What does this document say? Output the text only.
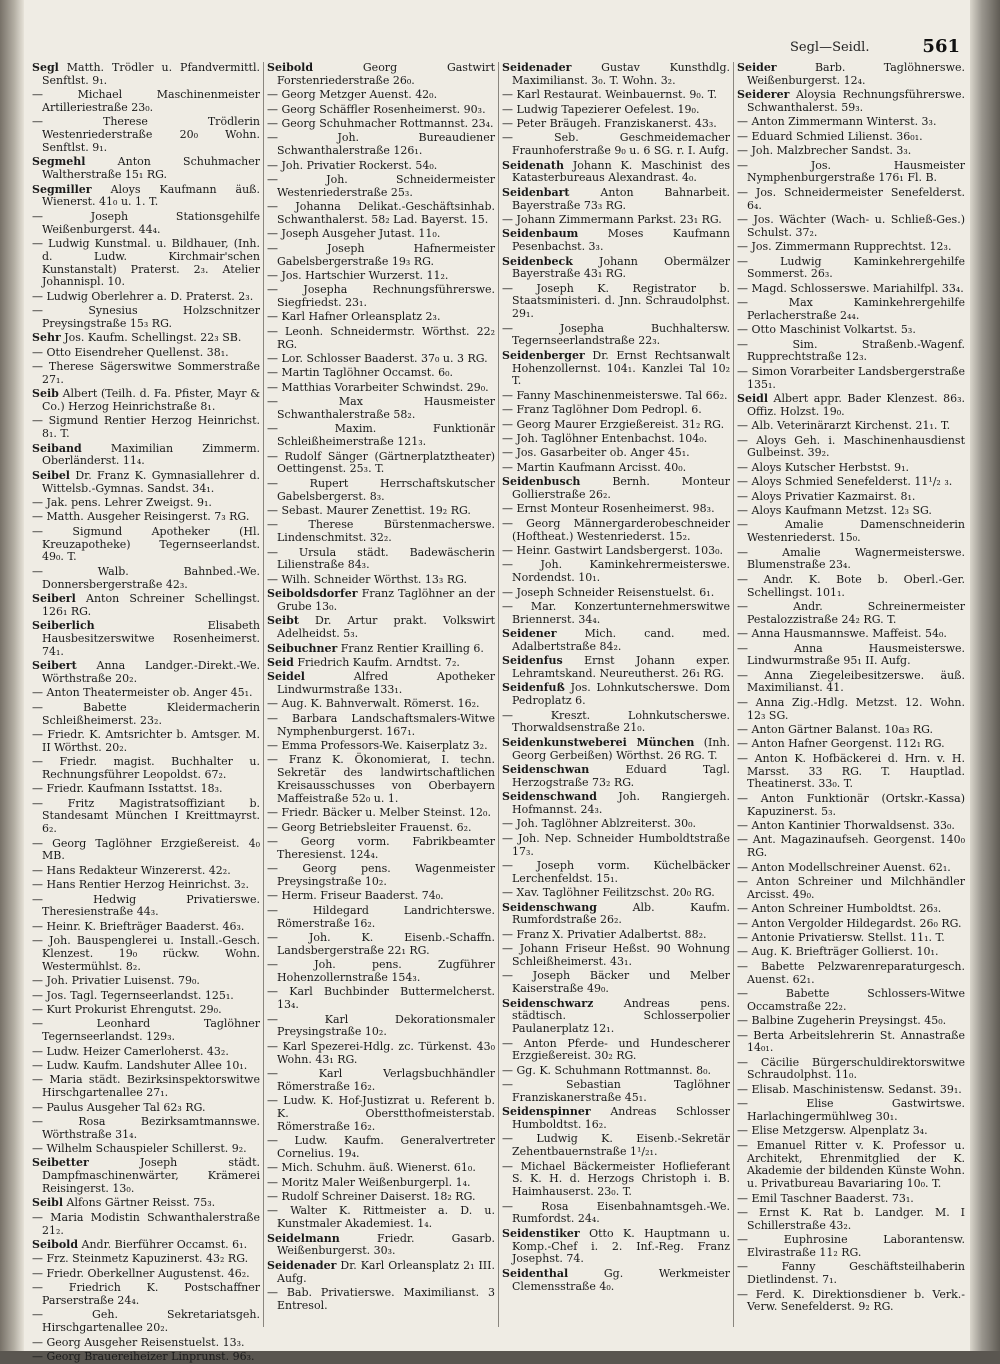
Segl—Seidl.	561

Segl Matth. Trödler u. Pfandvermittl. Senftlst. 9₁.

— Michael Maschinenmeister Artilleriestraße 23₀.

— Therese Trödlerin Westenriederstraße 20₀ Wohn. Senftlst. 9₁.

Segmehl	Anton Schuhmacher Waltherstraße 15₁ RG.

Segmiller Aloys Kaufmann äuß. Wienerst. 41₀ u. 1. T.

— Joseph Stationsgehilfe Weißenburgerst. 44₄.

— Ludwig Kunstmal. u. Bildhauer, (Inh. d. Ludw. Kirchmair'schen Kunstanstalt) Praterst. 2₃. Atelier Johannispl. 10.

— Ludwig Oberlehrer a. D. Praterst. 2₃.

— Synesius Holzschnitzer Preysingstraße 15₃ RG.

Sehr Jos. Kaufm. Schellingst. 22₃ SB.

— Otto Eisendreher Quellenst. 38₁.

— Therese Sägerswitwe Sommerstraße 27₁.

Seib Albert (Teilh. d. Fa. Pfister, Mayr & Co.) Herzog Heinrichstraße 8₁.

— Sigmund Rentier Herzog Heinrichst. 8₁. T.

Seiband	Maximilian Zimmerm. Oberländerst. 11₄.

Seibel Dr. Franz K. Gymnasiallehrer d. Wittelsb.-Gymnas. Sandst. 34₁.

— Jak. pens. Lehrer Zweigst. 9₁.

— Matth. Ausgeher Reisingerst. 7₃ RG.

— Sigmund Apotheker (Hl. Kreuzapotheke) Tegernseerlandst. 49₀. T.

— Walb. Bahnbed.-We. Donnersbergerstraße 42₃.

Seiberl Anton Schreiner Schellingst. 126₁ RG.

Seiberlich	Elisabeth Hausbesitzerswitwe Rosenheimerst. 74₁.

Seibert Anna Landger.-Direkt.-We. Wörthstraße 20₂.

— Anton Theatermeister ob. Anger 45₁.

— Babette Kleidermacherin Schleißheimerst. 23₂.

— Friedr. K. Amtsrichter b. Amtsger. M. II Wörthst. 20₂.

— Friedr. magist. Buchhalter u. Rechnungsführer Leopoldst. 67₂.

— Friedr. Kaufmann Isstattst. 18₃.

— Fritz Magistratsoffiziant b. Standesamt München I Kreittmayrst. 6₂.

— Georg Taglöhner Erzgießereist. 4₀ MB.

— Hans Redakteur Winzererst. 42₂.

— Hans Rentier Herzog Heinrichst. 3₂.

— Hedwig Privatierswe. Theresienstraße 44₃.

— Heinr. K. Briefträger Baaderst. 46₃.

— Joh. Bauspenglerei u. Install.-Gesch. Klenzest. 19₀ rückw. Wohn. Westermühlst. 8₂.

— Joh. Privatier Luisenst. 79₀.

— Jos. Tagl. Tegernseerlandst. 125₁.

— Kurt Prokurist Ehrengutst. 29₀.

— Leonhard Taglöhner Tegernseerlandst. 129₃.

— Ludw. Heizer Camerloherst. 43₂.

— Ludw. Kaufm. Landshuter Allee 10₁.

— Maria städt. Bezirksinspektorswitwe Hirschgartenallee 27₁.

— Paulus Ausgeher Tal 62₃ RG.

— Rosa Bezirksamtmannswe. Wörthstraße 31₄.

— Wilhelm Schauspieler Schillerst. 9₂.

Seibetter	Joseph städt. Dampfmaschinenwärter, Krämerei Reisingerst. 13₀.

Seibl Alfons Gärtner Reisst. 75₃.

— Maria Modistin Schwanthalerstraße 21₂.

Seibold Andr. Bierführer Occamst. 6₁.

— Frz. Steinmetz Kapuzinerst. 43₂ RG.

— Friedr. Oberkellner Augustenst. 46₂.

— Friedrich K. Postschaffner Parserstraße 24₄.

— Geh. Sekretariatsgeh. Hirschgartenallee 20₂.

— Georg Ausgeher Reisenstuelst. 13₃.

— Georg Brauereiheizer Linprunst. 96₃.

Seibold	Georg Gastwirt Forstenriederstraße 26₀.

— Georg Metzger Auenst. 42₀.

— Georg Schäffler Rosenheimerst. 90₃.

— Georg Schuhmacher Rottmannst. 23₄.

— Joh. Bureaudiener Schwanthalerstraße 126₁.

— Joh. Privatier Rockerst. 54₀.

— Joh. Schneidermeister Westenriederstraße 25₃.

— Johanna Delikat.-Geschäftsinhab. Schwanthalerst. 58₂ Lad. Bayerst. 15.

— Joseph Ausgeher Jutast. 11₀.

— Joseph Hafnermeister Gabelsbergerstraße 19₃ RG.

— Jos. Hartschier Wurzerst. 11₂.

— Josepha Rechnungsführerswe. Siegfriedst. 23₁.

— Karl Hafner Orleansplatz 2₃.

— Leonh. Schneidermstr. Wörthst. 22₂ RG.

— Lor. Schlosser Baaderst. 37₀ u. 3 RG.

— Martin Taglöhner Occamst. 6₀.

— Matthias Vorarbeiter Schwindst. 29₀.

— Max Hausmeister Schwanthalerstraße 58₂.

— Maxim. Funktionär Schleißheimerstraße 121₃.

— Rudolf Sänger (Gärtnerplatztheater) Oettingenst. 25₃. T.

— Rupert Herrschaftskutscher Gabelsbergerst. 8₃.

— Sebast. Maurer Zenettist. 19₂ RG.

— Therese Bürstenmacherswe. Lindenschmitst. 32₂.

— Ursula städt. Badewäscherin Lilienstraße 84₃.

— Wilh. Schneider Wörthst. 13₃ RG.

Seiboldsdorfer Franz Taglöhner an der Grube 13₀.

Seibt Dr. Artur prakt. Volkswirt Adelheidst. 5₃.

Seibuchner Franz Rentier Krailling 6.

Seid Friedrich Kaufm. Arndtst. 7₂.

Seidel	Alfred Apotheker Lindwurmstraße 133₁.

— Aug. K. Bahnverwalt. Römerst. 16₂.

— Barbara Landschaftsmalers-Witwe Nymphenburgerst. 167₁.

— Emma Professors-We. Kaiserplatz 3₂.

— Franz K. Ökonomierat, I. techn. Sekretär des landwirtschaftlichen Kreisausschusses von Oberbayern Maffeistraße 52₀ u. 1.

— Friedr. Bäcker u. Melber Steinst. 12₀.

— Georg Betriebsleiter Frauenst. 6₂.

— Georg vorm. Fabrikbeamter Theresienst. 124₄.

— Georg pens. Wagenmeister Preysingstraße 10₂.

— Herm. Friseur Baaderst. 74₀.

— Hildegard Landrichterswe. Römerstraße 16₂.

— Joh. K. Eisenb.-Schaffn. Landsbergerstraße 22₁ RG.

— Joh. pens. Zugführer Hohenzollernstraße 154₃.

— Karl Buchbinder Buttermelcherst. 13₄.

— Karl Dekorationsmaler Preysingstraße 10₂.

— Karl Spezerei-Hdlg. zc. Türkenst. 43₀ Wohn. 43₁ RG.

— Karl Verlagsbuchhändler Römerstraße 16₂.

— Ludw. K. Hof-Justizrat u. Referent b. K. Oberstthofmeisterstab. Römerstraße 16₂.

— Ludw. Kaufm. Generalvertreter Cornelius. 19₄.

— Mich. Schuhm. äuß. Wienerst. 61₀.

— Moritz Maler Weißenburgerpl. 1₄.

— Rudolf Schreiner Daiserst. 18₂ RG.

— Walter K. Rittmeister a. D. u. Kunstmaler Akademiest. 1₄.

Seidelmann	Friedr. Gasarb. Weißenburgerst. 30₃.

Seidenader Dr. Karl Orleansplatz 2₁ III. Aufg.

— Bab. Privatierswe. Maximilianst. 3 Entresol.

Seidenader	Gustav Kunsthdlg. Maximilianst. 3₀. T. Wohn. 3₂.

— Karl Restaurat. Weinbauernst. 9₀. T.

— Ludwig Tapezierer Oefelest. 19₀.

— Peter Bräugeh. Franziskanerst. 43₃.

— Seb. Geschmeidemacher Fraunhoferstraße 9₀ u. 6 SG. r. I. Aufg.

Seidenath Johann K. Maschinist des Katasterbureaus Alexandrast. 4₀.

Seidenbart	Anton Bahnarbeit. Bayerstraße 73₃ RG.

— Johann Zimmermann Parkst. 23₁ RG.

Seidenbaum	Moses Kaufmann Pesenbachst. 3₃.

Seidenbeck Johann Obermälzer Bayerstraße 43₁ RG.

— Joseph K. Registrator b. Staatsministeri. d. Jnn. Schraudolphst. 29₁.

— Josepha Buchhaltersw. Tegernseerlandstraße 22₃.

Seidenberger Dr. Ernst Rechtsanwalt Hohenzollernst. 104₁. Kanzlei Tal 10₂ T.

— Fanny Maschinenmeisterswe. Tal 66₂.

— Franz Taglöhner Dom Pedropl. 6.

— Georg Maurer Erzgießereist. 31₂ RG.

— Joh. Taglöhner Entenbachst. 104₀.

— Jos. Gasarbeiter ob. Anger 45₁.

— Martin Kaufmann Arcisst. 40₀.

Seidenbusch	Bernh. Monteur Gollierstraße 26₂.

— Ernst Monteur Rosenheimerst. 98₃.

— Georg Männergarderobeschneider (Hoftheat.) Westenriederst. 15₂.

— Heinr. Gastwirt Landsbergerst. 103₀.

— Joh. Kaminkehrermeisterswe. Nordendst. 10₁.

— Joseph Schneider Reisenstuelst. 6₁.

— Mar. Konzertunternehmerswitwe Briennerst. 34₄.

Seidener	Mich. cand. med. Adalbertstraße 84₂.

Seidenfus Ernst Johann exper. Lehramtskand. Neureutherst. 26₁ RG.

Seidenfuß Jos. Lohnkutscherswe. Dom Pedroplatz 6.

— Kreszt. Lohnkutscherswe. Thorwaldsenstraße 21₀.

Seidenkunstweberei München (Inh. Georg Gerbeißen) Wörthst. 26 RG. T.

Seidenschwan	Eduard Tagl. Herzogstraße 73₂ RG.

Seidenschwand Joh. Rangiergeh. Hofmannst. 24₃.

— Joh. Taglöhner Ablzreiterst. 30₀.

— Joh. Nep. Schneider Humboldtstraße 17₃.

— Joseph vorm. Küchelbäcker Lerchenfeldst. 15₁.

— Xav. Taglöhner Feilitzschst. 20₀ RG.

Seidenschwang	Alb. Kaufm. Rumfordstraße 26₂.

— Franz X. Privatier Adalbertst. 88₂.

— Johann Friseur Heßst. 90 Wohnung Schleißheimerst. 43₁.

— Joseph Bäcker und Melber Kaiserstraße 49₀.

Seidenschwarz	Andreas pens. städtisch. Schlosserpolier Paulanerplatz 12₁.

— Anton Pferde- und Hundescherer Erzgießereist. 30₂ RG.

— Gg. K. Schuhmann Rottmannst. 8₀.

— Sebastian Taglöhner Franziskanerstraße 45₁.

Seidenspinner Andreas Schlosser Humboldtst. 16₂.

— Ludwig K. Eisenb.-Sekretär Zehentbauernstraße 1¹/₂₁.

— Michael Bäckermeister Hoflieferant S. K. H. d. Herzogs Christoph i. B. Haimhauserst. 23₀. T.

— Rosa Eisenbahnamtsgeh.-We. Rumfordst. 24₄.

Seidenstiker Otto K. Hauptmann u. Komp.-Chef i. 2. Inf.-Reg. Franz Josephst. 74.

Seidenthal	Gg. Werkmeister Clemensstraße 4₀.

Seider	Barb. Taglöhnerswe. Weißenburgerst. 12₄.

Seiderer Aloysia Rechnungsführerswe. Schwanthalerst. 59₃.

— Anton Zimmermann Winterst. 3₃.

— Eduard Schmied Lilienst. 36₀₁.

— Joh. Malzbrecher Sandst. 3₃.

— Jos. Hausmeister Nymphenburgerstraße 176₁ Fl. B.

— Jos. Schneidermeister Senefelderst. 6₄.

— Jos. Wächter (Wach- u. Schließ-Ges.) Schulst. 37₂.

— Jos. Zimmermann Rupprechtst. 12₃.

— Ludwig Kaminkehrergehilfe Sommerst. 26₃.

— Magd. Schlosserswe. Mariahilfpl. 33₄.

— Max Kaminkehrergehilfe Perlacherstraße 2₄₄.

— Otto Maschinist Volkartst. 5₃.

— Sim. Straßenb.-Wagenf. Rupprechtstraße 12₃.

— Simon Vorarbeiter Landsbergerstraße 135₁.

Seidl Albert appr. Bader Klenzest. 86₃. Offiz. Holzst. 19₀.

— Alb. Veterinärarzt Kirchenst. 21₁. T.

— Aloys Geh. i. Maschinenhausdienst Gulbeinst. 39₂.

— Aloys Kutscher Herbstst. 9₁.

— Aloys Schmied Senefelderst. 11¹/₂ ₃.

— Aloys Privatier Kazmairst. 8₁.

— Aloys Kaufmann Metzst. 12₃ SG.

— Amalie Damenschneiderin Westenriederst. 15₀.

— Amalie Wagnermeisterswe. Blumenstraße 23₄.

— Andr. K. Bote b. Oberl.-Ger. Schellingst. 101₁.

— Andr. Schreinermeister Pestalozzistraße 24₂ RG. T.

— Anna Hausmannswe. Maffeist. 54₀.

— Anna Hausmeisterswe. Lindwurmstraße 95₁ II. Aufg.

— Anna Ziegeleibesitzerswe. äuß. Maximilianst. 41.

— Anna Zig.-Hdlg. Metzst. 12. Wohn. 12₃ SG.

— Anton Gärtner Balanst. 10a₃ RG.

— Anton Hafner Georgenst. 112₁ RG.

— Anton K. Hofbäckerei d. Hrn. v. H. Marsst. 33 RG. T. Hauptlad. Theatinerst. 33₀. T.

— Anton Funktionär (Ortskr.-Kassa) Kapuzinerst. 5₃.

— Anton Kantinier Thorwaldsenst. 33₀.

— Ant. Magazinaufseh. Georgenst. 140₀ RG.

— Anton Modellschreiner Auenst. 62₁.

— Anton Schreiner und Milchhändler Arcisst. 49₀.

— Anton Schreiner Humboldtst. 26₃.

— Anton Vergolder Hildegardst. 26₀ RG.

— Antonie Privatiersw. Stellst. 11₁. T.

— Aug. K. Briefträger Gollierst. 10₁.

— Babette Pelzwarenreparaturgesch. Auenst. 62₁.

— Babette Schlossers-Witwe Occamstraße 22₂.

— Balbine Zugeherin Preysingst. 45₀.

— Berta Arbeitslehrerin St. Annastraße 14₀₁.

— Cäcilie Bürgerschuldirektorswitwe Schraudolphst. 11₀.

— Elisab. Maschinistensw. Sedanst. 39₁.

— Elise Gastwirtswe. Harlachingermühlweg 30₁.

— Elise Metzgersw. Alpenplatz 3₄.

— Emanuel Ritter v. K. Professor u. Architekt, Ehrenmitglied der K. Akademie der bildenden Künste Wohn. u. Privatbureau Bavariaring 10₀. T.

— Emil Taschner Baaderst. 73₁.

— Ernst K. Rat b. Landger. M. I Schillerstraße 43₂.

— Euphrosine Laborantensw. Elvirastraße 11₂ RG.

— Fanny Geschäftsteilhaberin Dietlindenst. 7₁.

— Ferd. K. Direktionsdiener b. Verk.-Verw. Senefelderst. 9₂ RG.
